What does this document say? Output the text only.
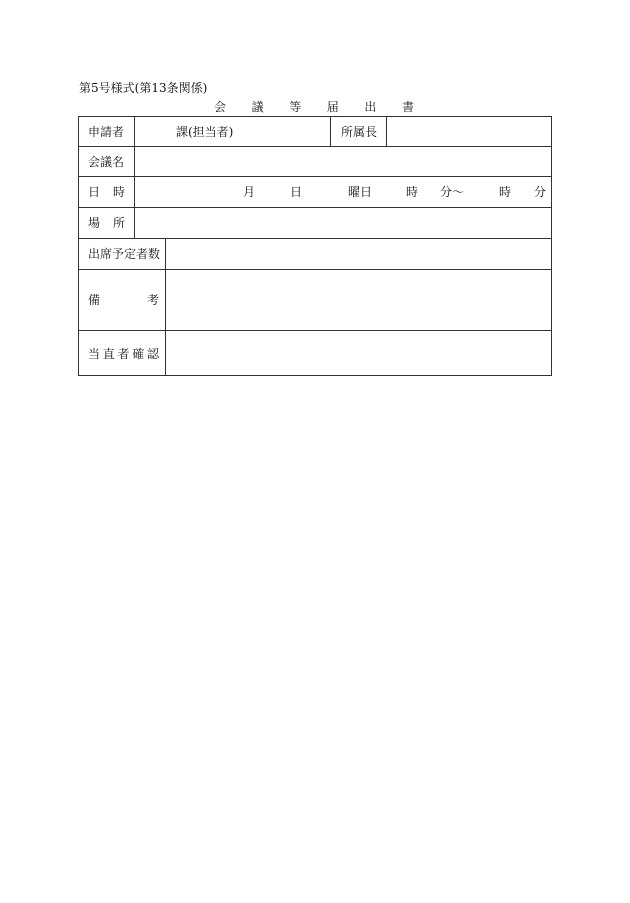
第5号様式(第13条関係)
会 議 等 届 出 書
申請者	課(担当者)	所属長
会議名
日 時	月	日	曜日	時 分～	時 分
場 所
出席予定者数
備	考
当 直 者 確 認
